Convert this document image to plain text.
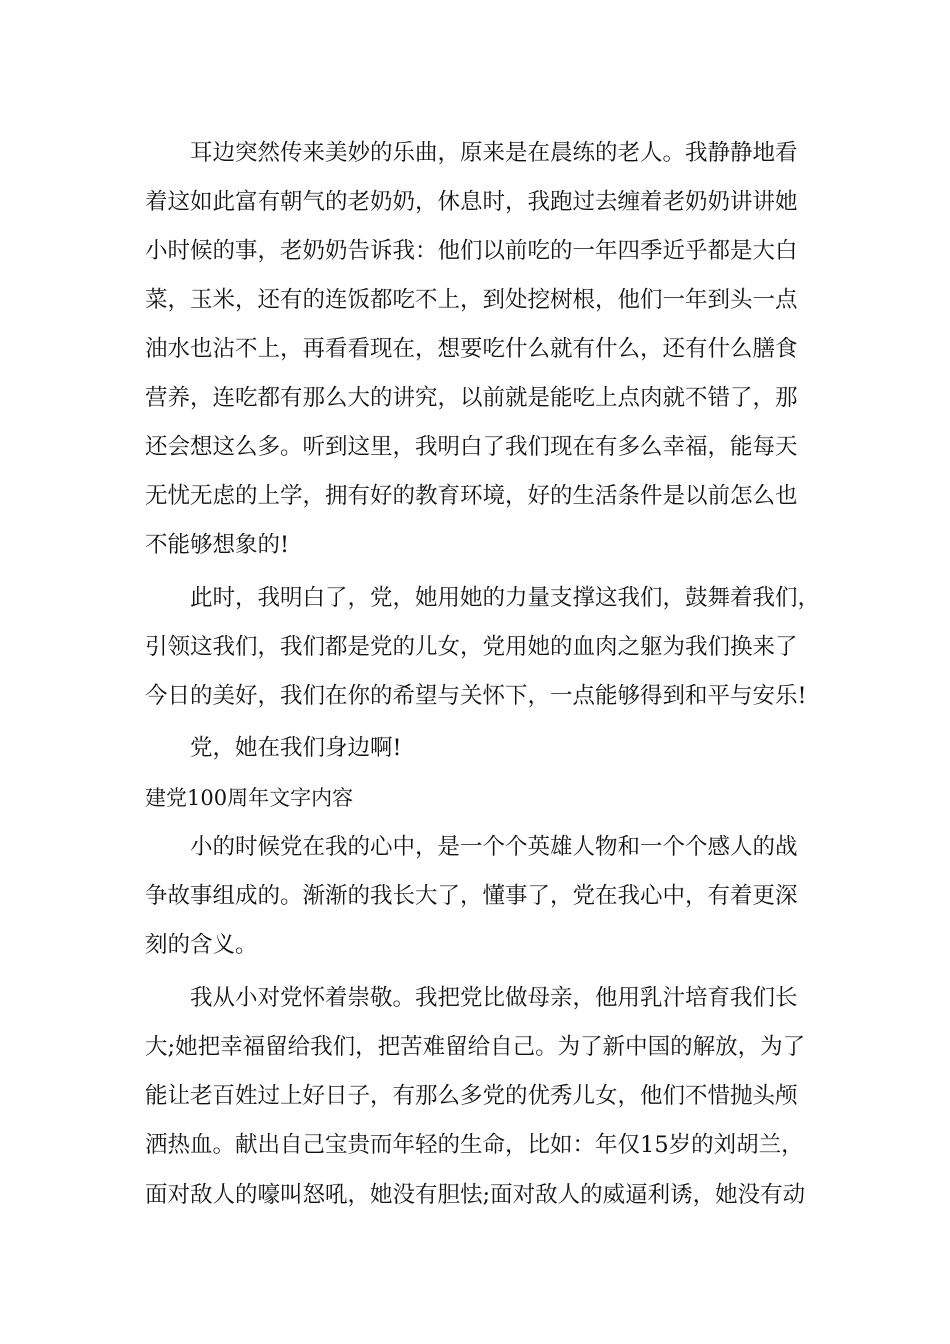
　　耳边突然传来美妙的乐曲，原来是在晨练的老人。我静静地看

着这如此富有朝气的老奶奶，休息时，我跑过去缠着老奶奶讲讲她

小时候的事，老奶奶告诉我：他们以前吃的一年四季近乎都是大白

菜，玉米，还有的连饭都吃不上，到处挖树根，他们一年到头一点

油水也沾不上，再看看现在，想要吃什么就有什么，还有什么膳食

营养，连吃都有那么大的讲究，以前就是能吃上点肉就不错了，那

还会想这么多。听到这里，我明白了我们现在有多么幸福，能每天

无忧无虑的上学，拥有好的教育环境，好的生活条件是以前怎么也

不能够想象的!

　　此时，我明白了，党，她用她的力量支撑这我们，鼓舞着我们，

引领这我们，我们都是党的儿女，党用她的血肉之躯为我们换来了

今日的美好，我们在你的希望与关怀下，一点能够得到和平与安乐!

　　党，她在我们身边啊!

建党100周年文字内容

　　小的时候党在我的心中，是一个个英雄人物和一个个感人的战

争故事组成的。渐渐的我长大了，懂事了，党在我心中，有着更深

刻的含义。

　　我从小对党怀着崇敬。我把党比做母亲，他用乳汁培育我们长

大;她把幸福留给我们，把苦难留给自己。为了新中国的解放，为了

能让老百姓过上好日子，有那么多党的优秀儿女，他们不惜抛头颅

洒热血。献出自己宝贵而年轻的生命，比如：年仅15岁的刘胡兰，

面对敌人的嚎叫怒吼，她没有胆怯;面对敌人的威逼利诱，她没有动
